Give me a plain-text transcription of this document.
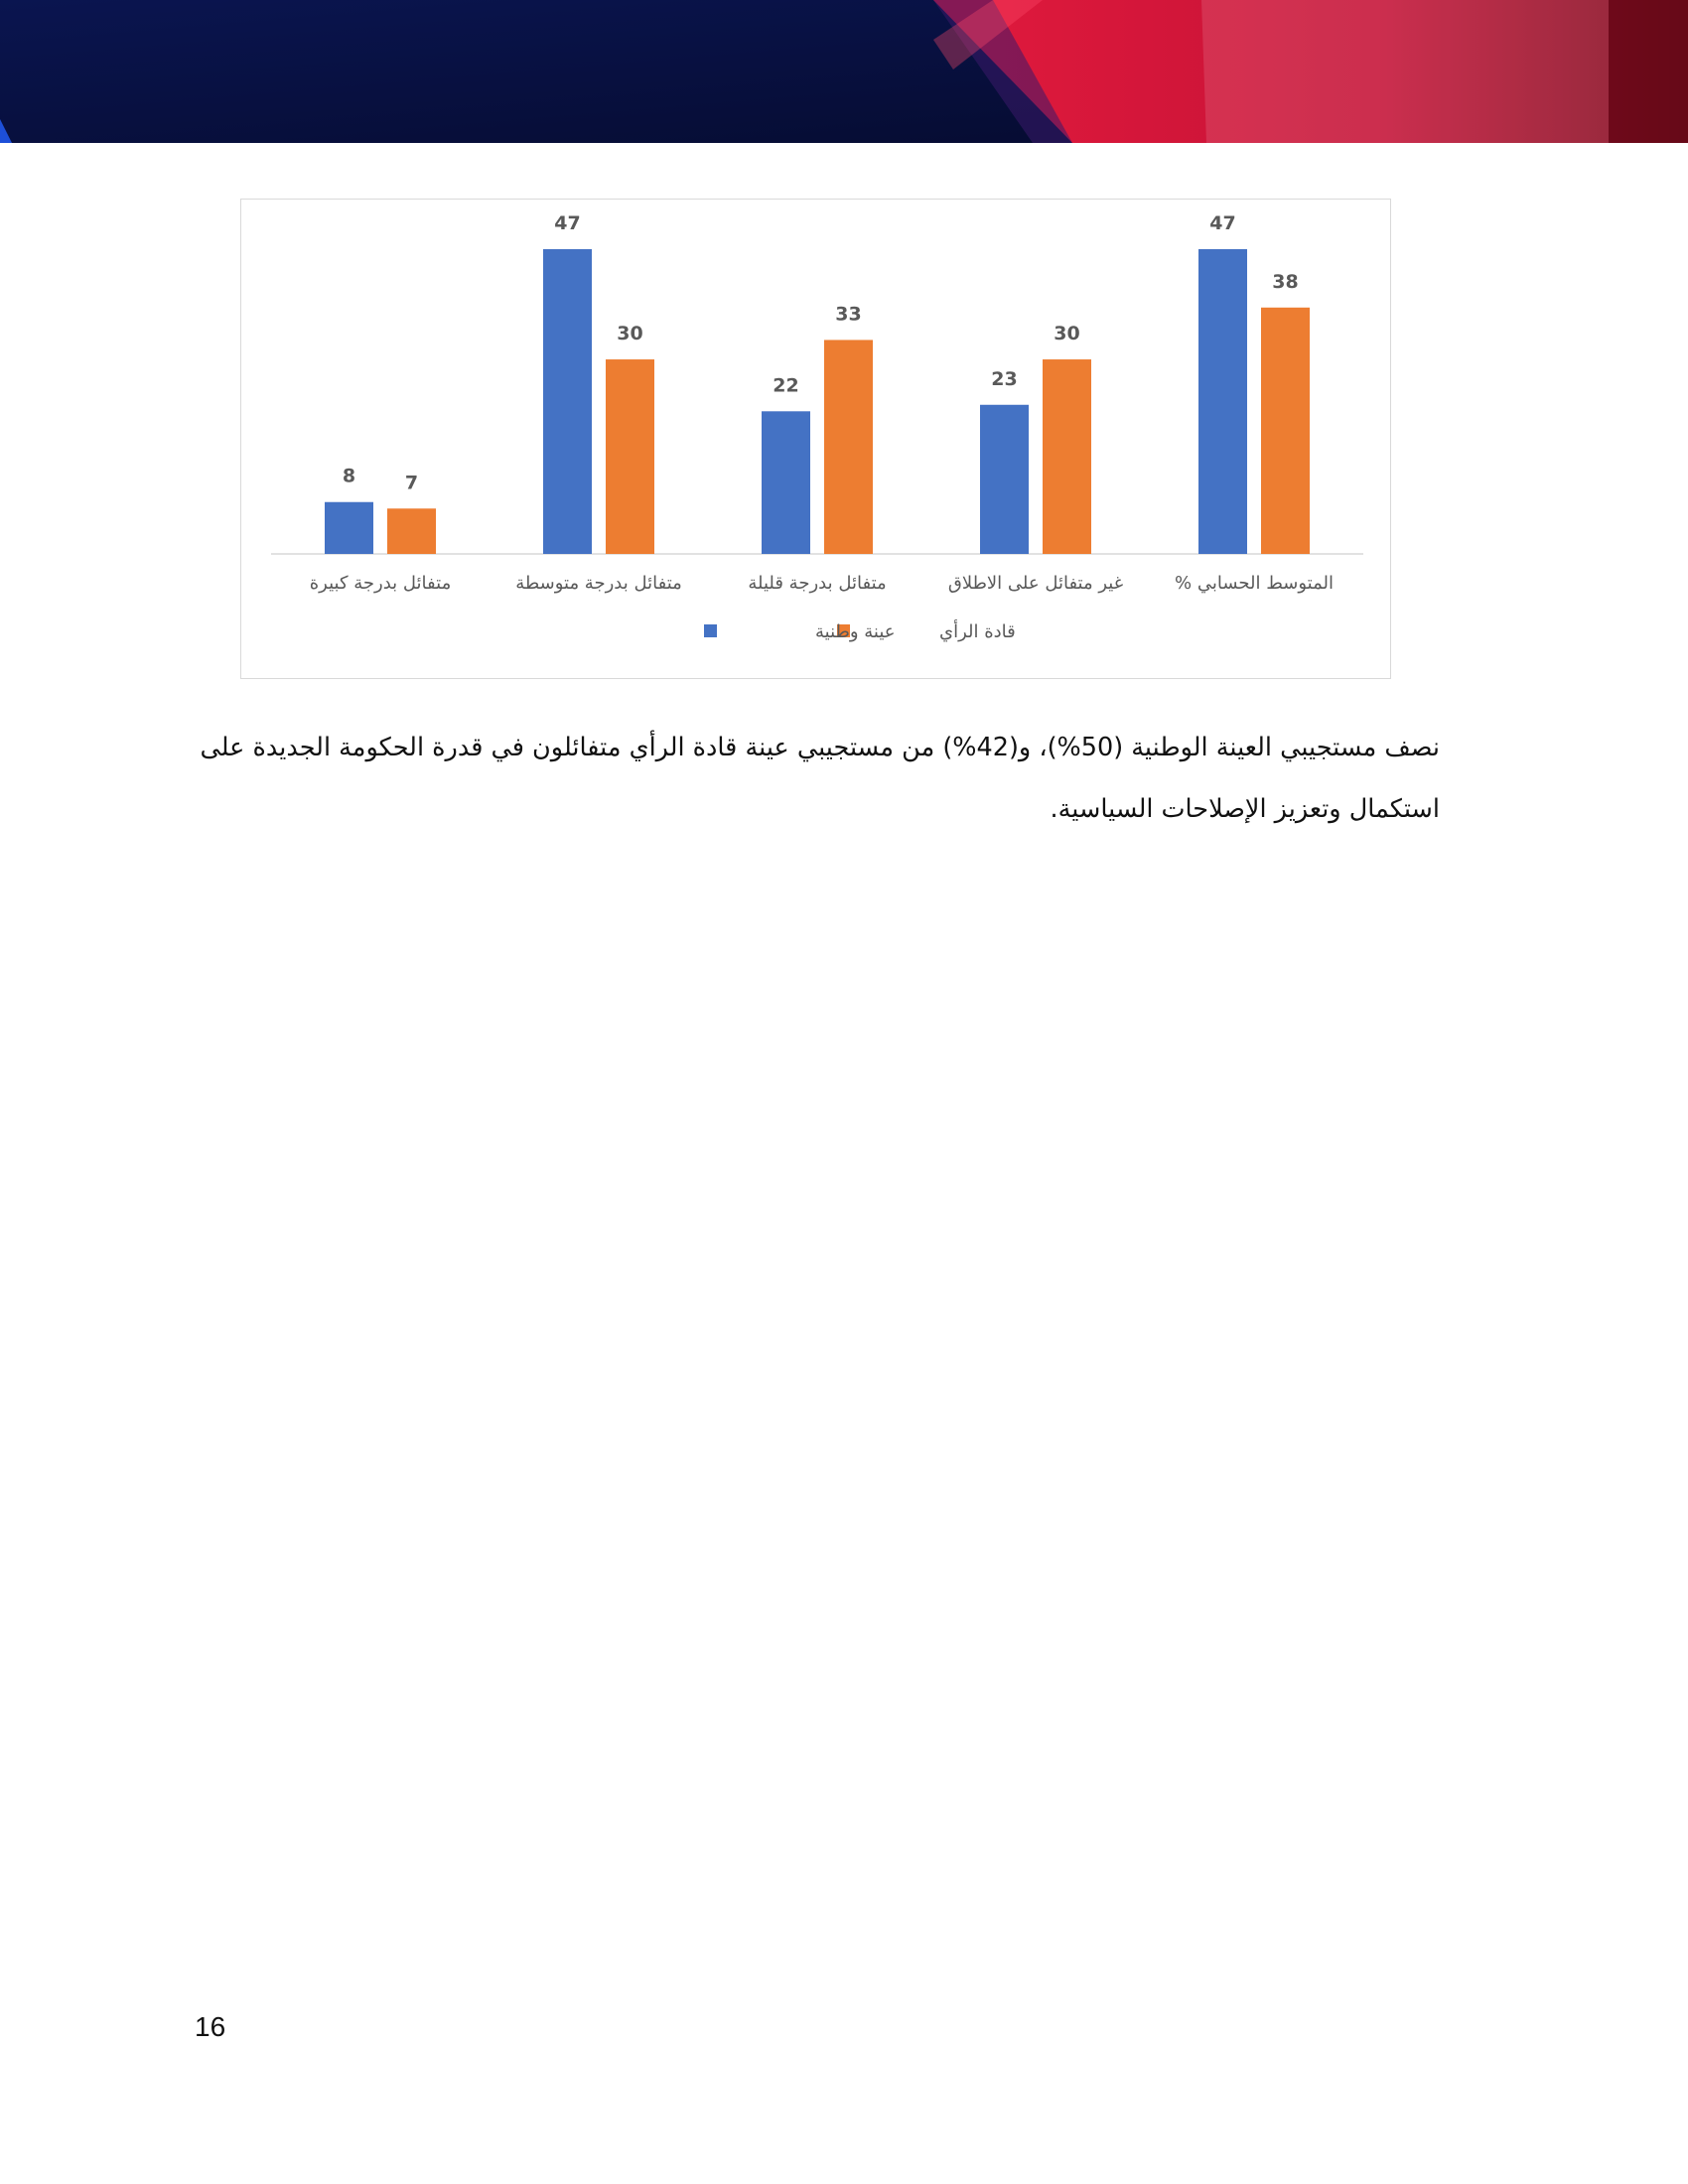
47
38
المتوسط الحسابي %
23
30
غير متفائل على الاطلاق
22
33
متفائل بدرجة قليلة
47
30
متفائل بدرجة متوسطة
8	7
متفائل بدرجة كبيرة
قادة الرأي
عينة وطنية
نصف مستجيبي العينة الوطنية (50%)، و(42%) من مستجيبي عينة قادة الرأي متفائلون في قدرة الحكومة الجديدة على استكمال وتعزيز الإصلاحات السياسية.
16
